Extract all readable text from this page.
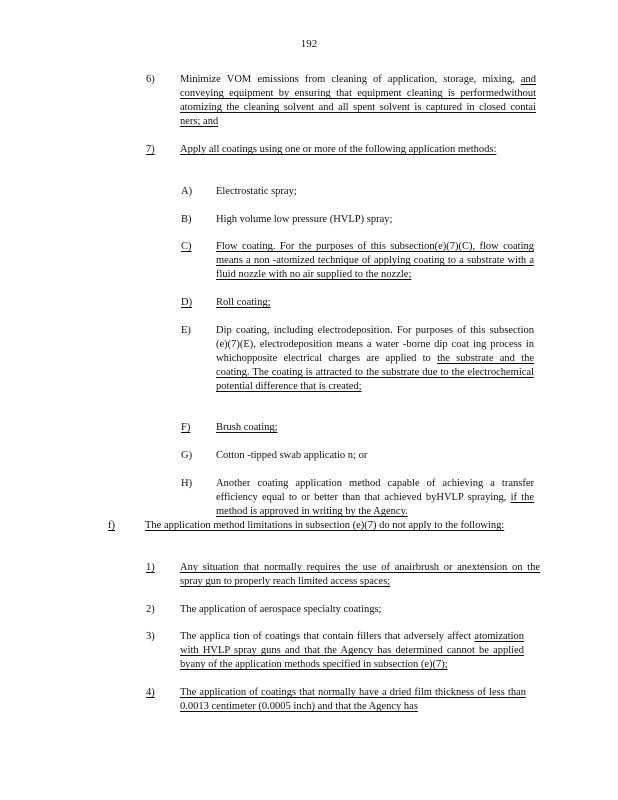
192
6) Minimize VOM emissions from cleaning of application, storage, mixing, and conveying equipment by ensuring that equipment cleaning is performedwithout atomizing the cleaning solvent and all spent solvent is captured in closed contai ners; and
7) Apply all coatings using one or more of the following application methods:
A) Electrostatic spray;
B) High volume low pressure (HVLP) spray;
C) Flow coating. For the purposes of this subsection(e)(7)(C), flow coating means a non -atomized technique of applying coating to a substrate with a fluid nozzle with no air supplied to the nozzle;
D) Roll coating;
E) Dip coating, including electrodeposition. For purposes of this subsection (e)(7)(E), electrodeposition means a water -borne dip coat ing process in whichopposite electrical charges are applied to the substrate and the coating. The coating is attracted to the substrate due to the electrochemical potential difference that is created;
F) Brush coating;
G) Cotton -tipped swab applicatio n; or
H) Another coating application method capable of achieving a transfer efficiency equal to or better than that achieved byHVLP spraying, if the method is approved in writing by the Agency.
f)	The application method limitations in subsection (e)(7) do not apply to the following:
1) Any situation that normally requires the use of anairbrush or anextension on the spray gun to properly reach limited access spaces;
2) The application of aerospace specialty coatings;
3) The applica tion of coatings that contain fillers that adversely affect atomization with HVLP spray guns and that the Agency has determined cannot be applied byany of the application methods specified in subsection (e)(7);
4) The application of coatings that normally have a dried film thickness of less than 0.0013 centimeter (0.0005 inch) and that the Agency has
